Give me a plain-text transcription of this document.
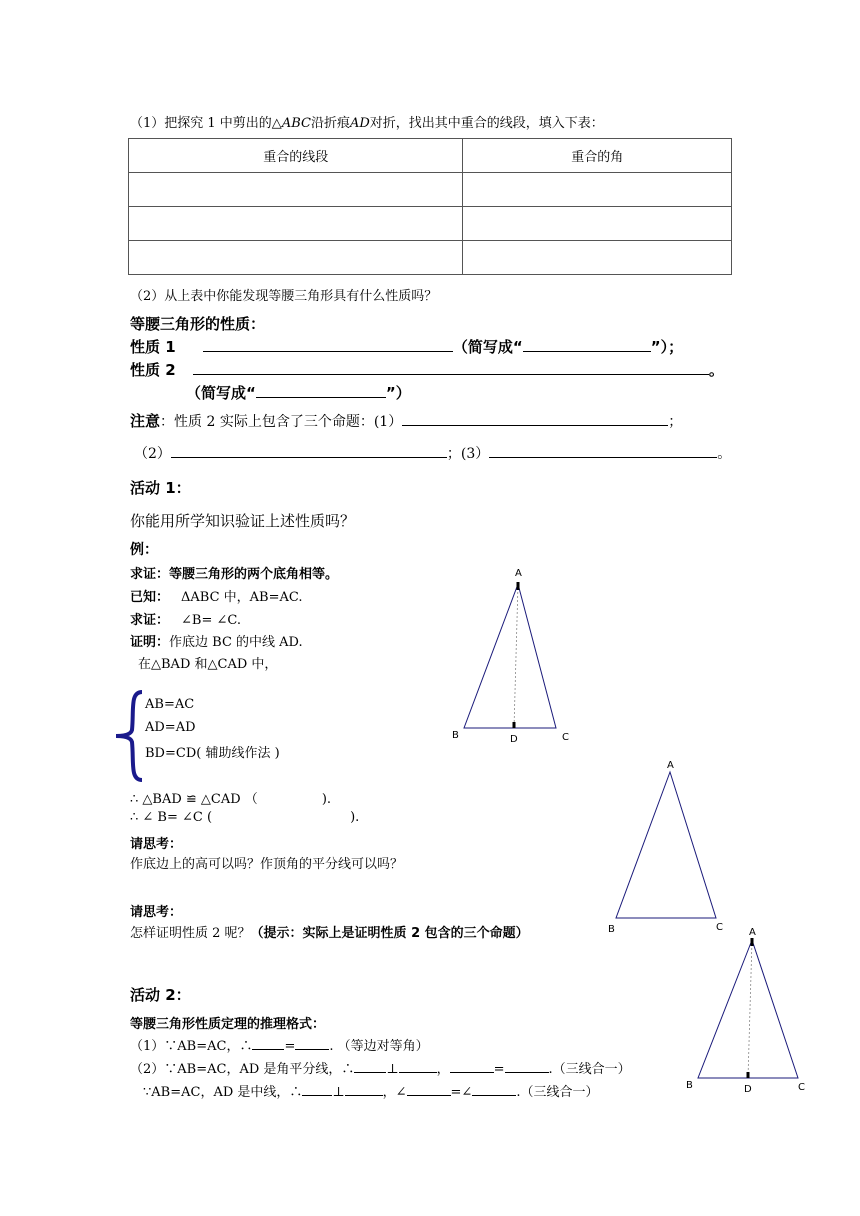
（1）把探究 1 中剪出的△ABC沿折痕AD对折，找出其中重合的线段，填入下表：
重合的线段	重合的角

（2）从上表中你能发现等腰三角形具有什么性质吗？
等腰三角形的性质：
性质 1	（简写成“	”）；
性质 2	。
（简写成“	”）
注意：性质 2 实际上包含了三个命题：(1）	；
（2）	；(3）	。
活动 1：
你能用所学知识验证上述性质吗？
例：
求证：等腰三角形的两个底角相等。
已知： ΔABC 中，AB=AC.
求证： ∠B= ∠C.
证明：作底边 BC 的中线 AD.
在△BAD 和△CAD 中，
AB=AC
AD=AD
BD=CD( 辅助线作法 )
∴ △BAD ≌ △CAD （	).
∴ ∠ B= ∠C (	).
请思考：
作底边上的高可以吗？作顶角的平分线可以吗？
请思考：
怎样证明性质 2 呢？（提示：实际上是证明性质 2 包含的三个命题）
活动 2：
等腰三角形性质定理的推理格式：
（1）∵AB=AC，∴ =	. （等边对等角）
（2）∵AB=AC，AD 是角平分线，∴ ⊥	，	=	.（三线合一）
∵AB=AC，AD 是中线，∴ ⊥	，∠	=∠	.（三线合一）
A
B	D	C
A
B	C	A
B	D	C
